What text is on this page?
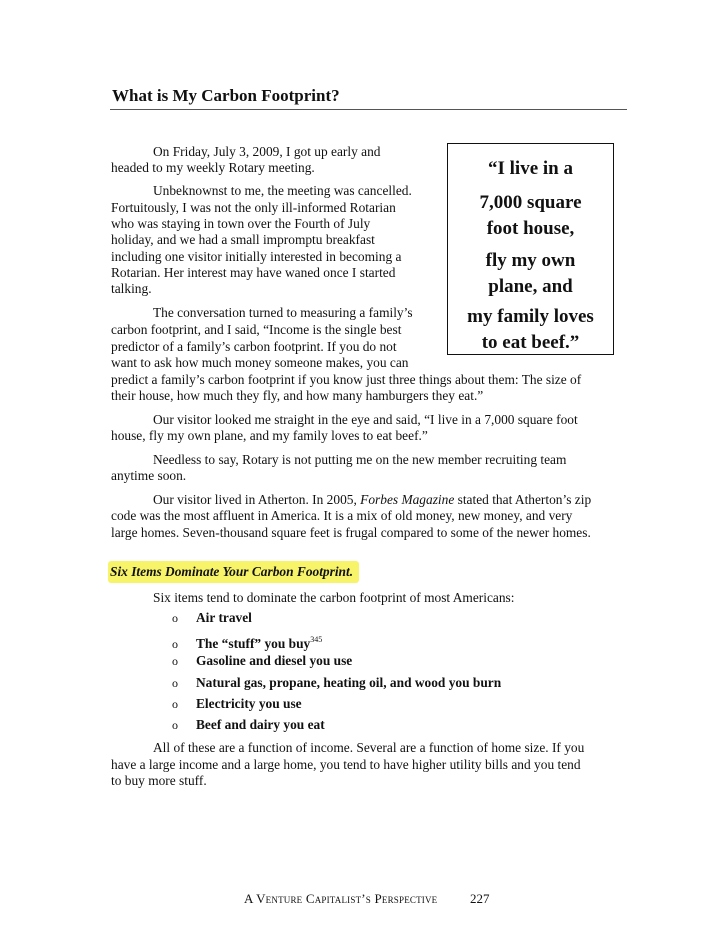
What is My Carbon Footprint?
“I live in a
7,000 square
foot house,
fly my own
plane, and
my family loves
to eat beef.”
On Friday, July 3, 2009, I got up early and
headed to my weekly Rotary meeting.
Unbeknownst to me, the meeting was cancelled.
Fortuitously, I was not the only ill-informed Rotarian
who was staying in town over the Fourth of July
holiday, and we had a small impromptu breakfast
including one visitor initially interested in becoming a
Rotarian. Her interest may have waned once I started
talking.
The conversation turned to measuring a family’s
carbon footprint, and I said, “Income is the single best
predictor of a family’s carbon footprint. If you do not
want to ask how much money someone makes, you can
predict a family’s carbon footprint if you know just three things about them: The size of
their house, how much they fly, and how many hamburgers they eat.”
Our visitor looked me straight in the eye and said, “I live in a 7,000 square foot
house, fly my own plane, and my family loves to eat beef.”
Needless to say, Rotary is not putting me on the new member recruiting team
anytime soon.
Our visitor lived in Atherton. In 2005, Forbes Magazine stated that Atherton’s zip
code was the most affluent in America. It is a mix of old money, new money, and very
large homes. Seven-thousand square feet is frugal compared to some of the newer homes.
Six Items Dominate Your Carbon Footprint.
Six items tend to dominate the carbon footprint of most Americans:
o Air travel
o The “stuff” you buy$^{345}$
o Gasoline and diesel you use
o Natural gas, propane, heating oil, and wood you burn
o Electricity you use
o Beef and dairy you eat
All of these are a function of income. Several are a function of home size. If you
have a large income and a large home, you tend to have higher utility bills and you tend
to buy more stuff.
A Venture Capitalist’s Perspective	227
